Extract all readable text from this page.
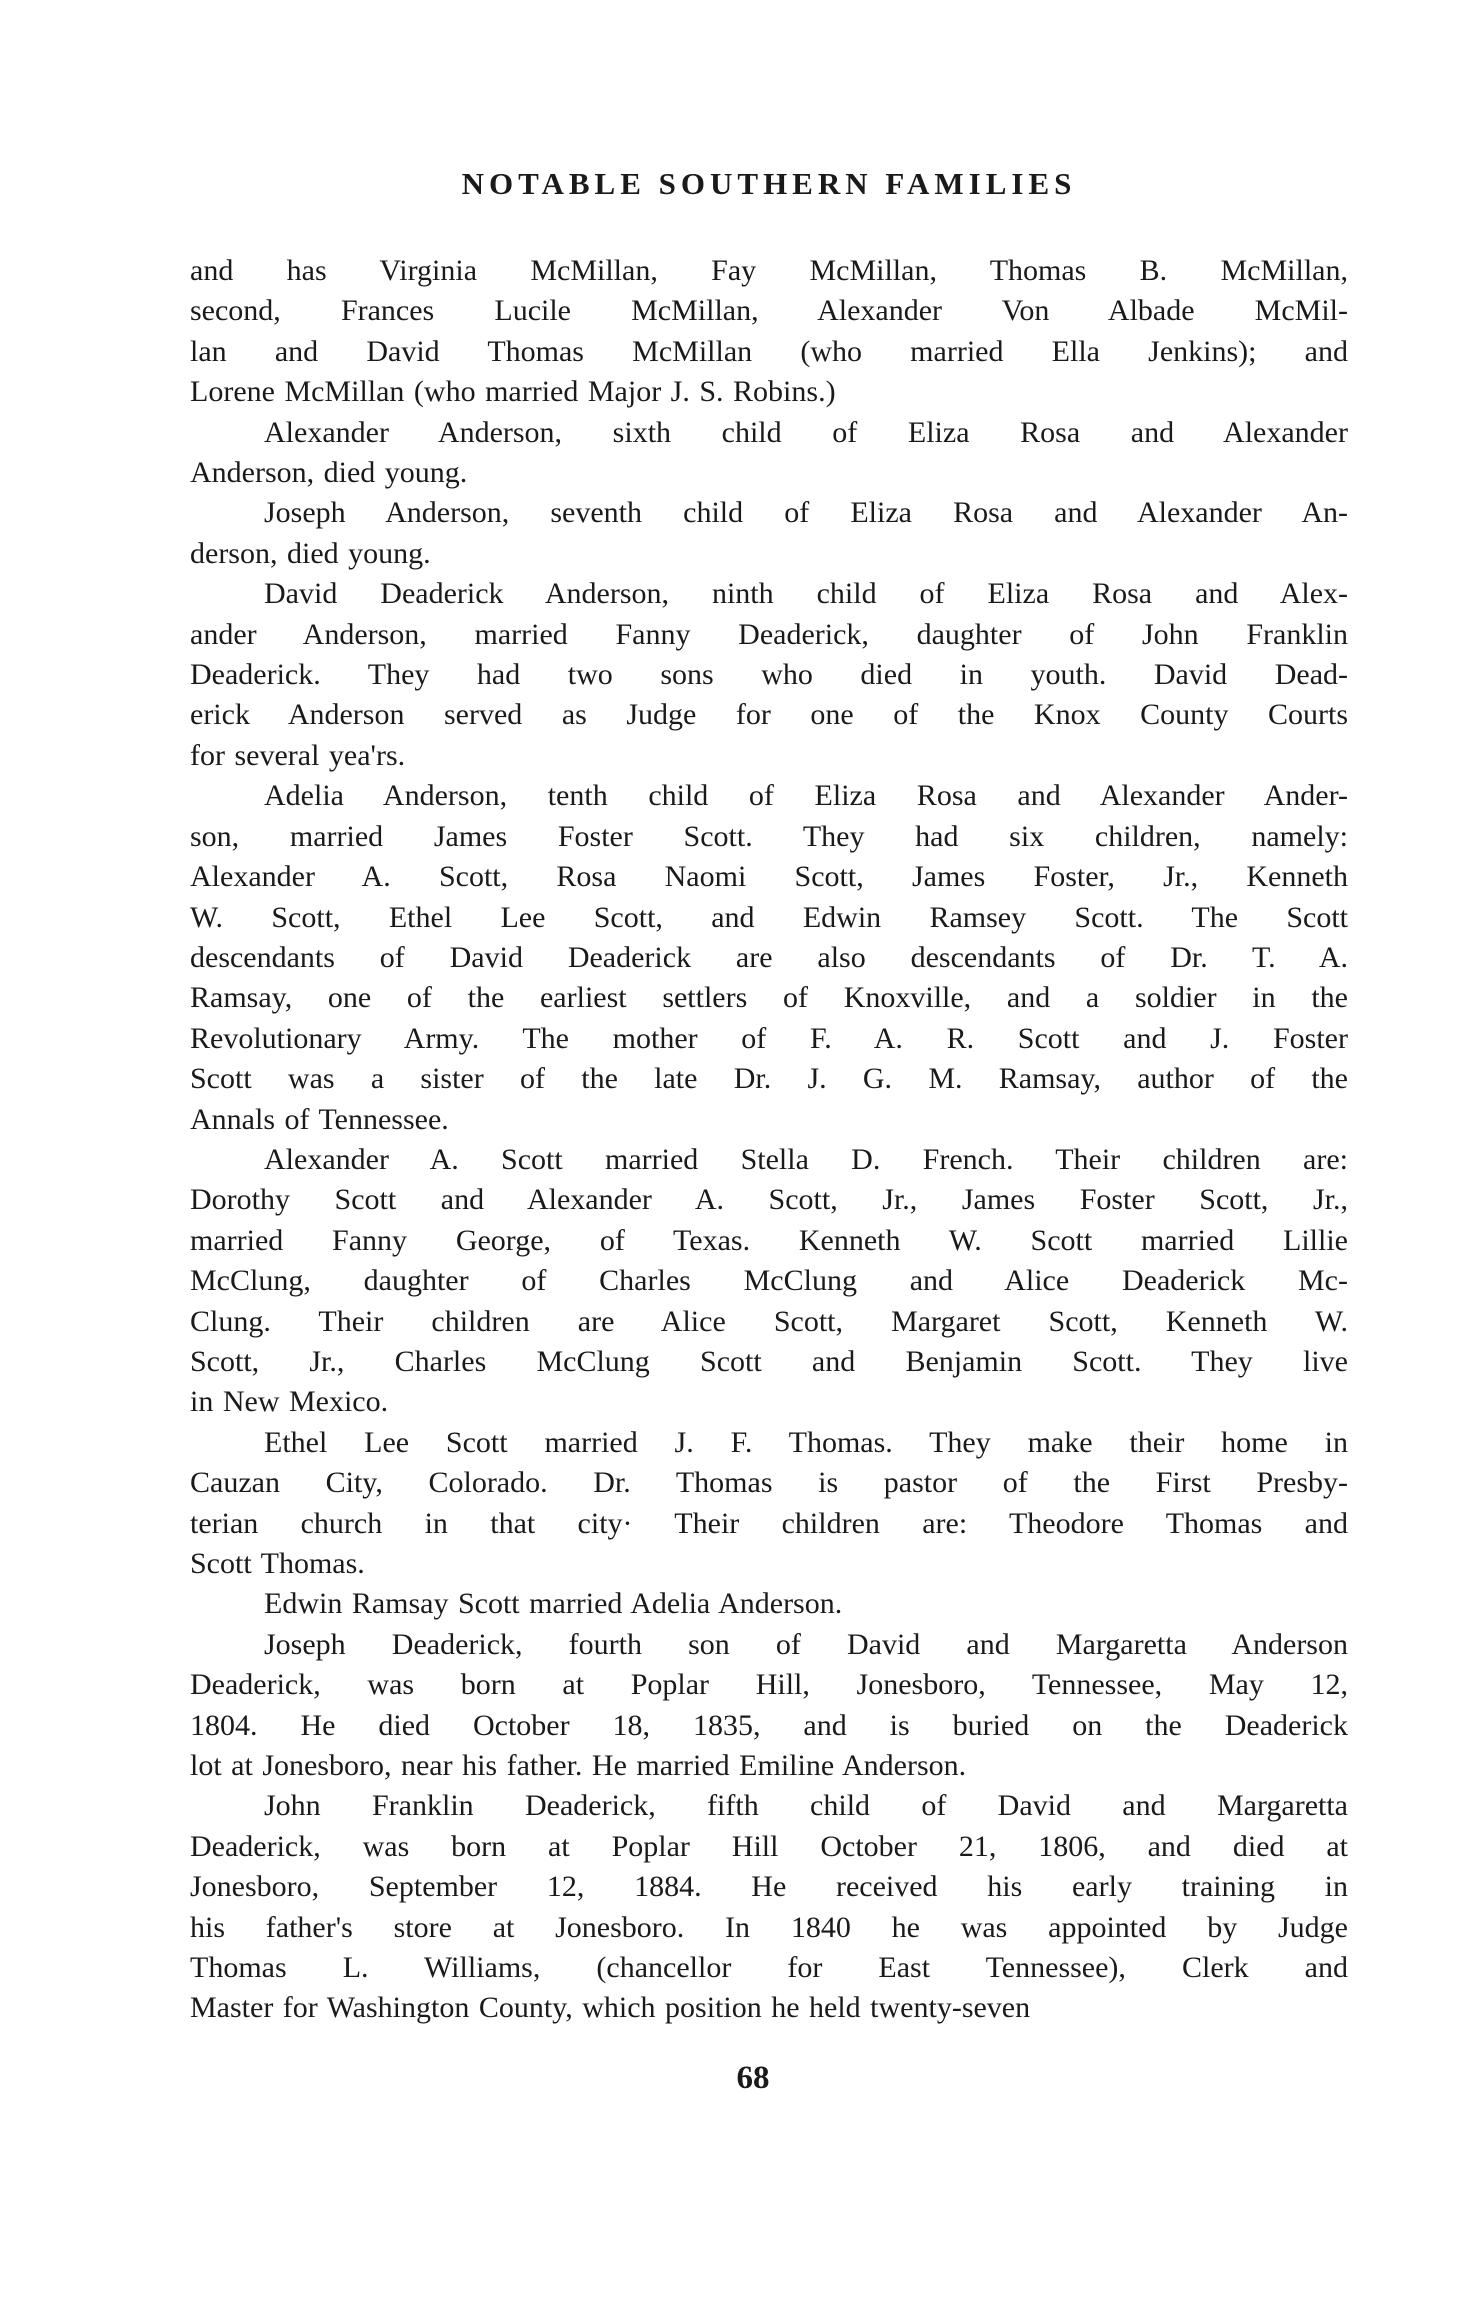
NOTABLE SOUTHERN FAMILIES
and has Virginia McMillan, Fay McMillan, Thomas B. McMillan,
second, Frances Lucile McMillan, Alexander Von Albade McMil-
lan and David Thomas McMillan (who married Ella Jenkins); and
Lorene McMillan (who married Major J. S. Robins.)
Alexander Anderson, sixth child of Eliza Rosa and Alexander
Anderson, died young.
Joseph Anderson, seventh child of Eliza Rosa and Alexander An-
derson, died young.
David Deaderick Anderson, ninth child of Eliza Rosa and Alex-
ander Anderson, married Fanny Deaderick, daughter of John Franklin
Deaderick. They had two sons who died in youth. David Dead-
erick Anderson served as Judge for one of the Knox County Courts
for several yea'rs.
Adelia Anderson, tenth child of Eliza Rosa and Alexander Ander-
son, married James Foster Scott. They had six children, namely:
Alexander A. Scott, Rosa Naomi Scott, James Foster, Jr., Kenneth
W. Scott, Ethel Lee Scott, and Edwin Ramsey Scott. The Scott
descendants of David Deaderick are also descendants of Dr. T. A.
Ramsay, one of the earliest settlers of Knoxville, and a soldier in the
Revolutionary Army. The mother of F. A. R. Scott and J. Foster
Scott was a sister of the late Dr. J. G. M. Ramsay, author of the
Annals of Tennessee.
Alexander A. Scott married Stella D. French. Their children are:
Dorothy Scott and Alexander A. Scott, Jr., James Foster Scott, Jr.,
married Fanny George, of Texas. Kenneth W. Scott married Lillie
McClung, daughter of Charles McClung and Alice Deaderick Mc-
Clung. Their children are Alice Scott, Margaret Scott, Kenneth W.
Scott, Jr., Charles McClung Scott and Benjamin Scott. They live
in New Mexico.
Ethel Lee Scott married J. F. Thomas. They make their home in
Cauzan City, Colorado. Dr. Thomas is pastor of the First Presby-
terian church in that city· Their children are: Theodore Thomas and
Scott Thomas.
Edwin Ramsay Scott married Adelia Anderson.
Joseph Deaderick, fourth son of David and Margaretta Anderson
Deaderick, was born at Poplar Hill, Jonesboro, Tennessee, May 12,
1804. He died October 18, 1835, and is buried on the Deaderick
lot at Jonesboro, near his father. He married Emiline Anderson.
John Franklin Deaderick, fifth child of David and Margaretta
Deaderick, was born at Poplar Hill October 21, 1806, and died at
Jonesboro, September 12, 1884. He received his early training in
his father's store at Jonesboro. In 1840 he was appointed by Judge
Thomas L. Williams, (chancellor for East Tennessee), Clerk and
Master for Washington County, which position he held twenty-seven
68
